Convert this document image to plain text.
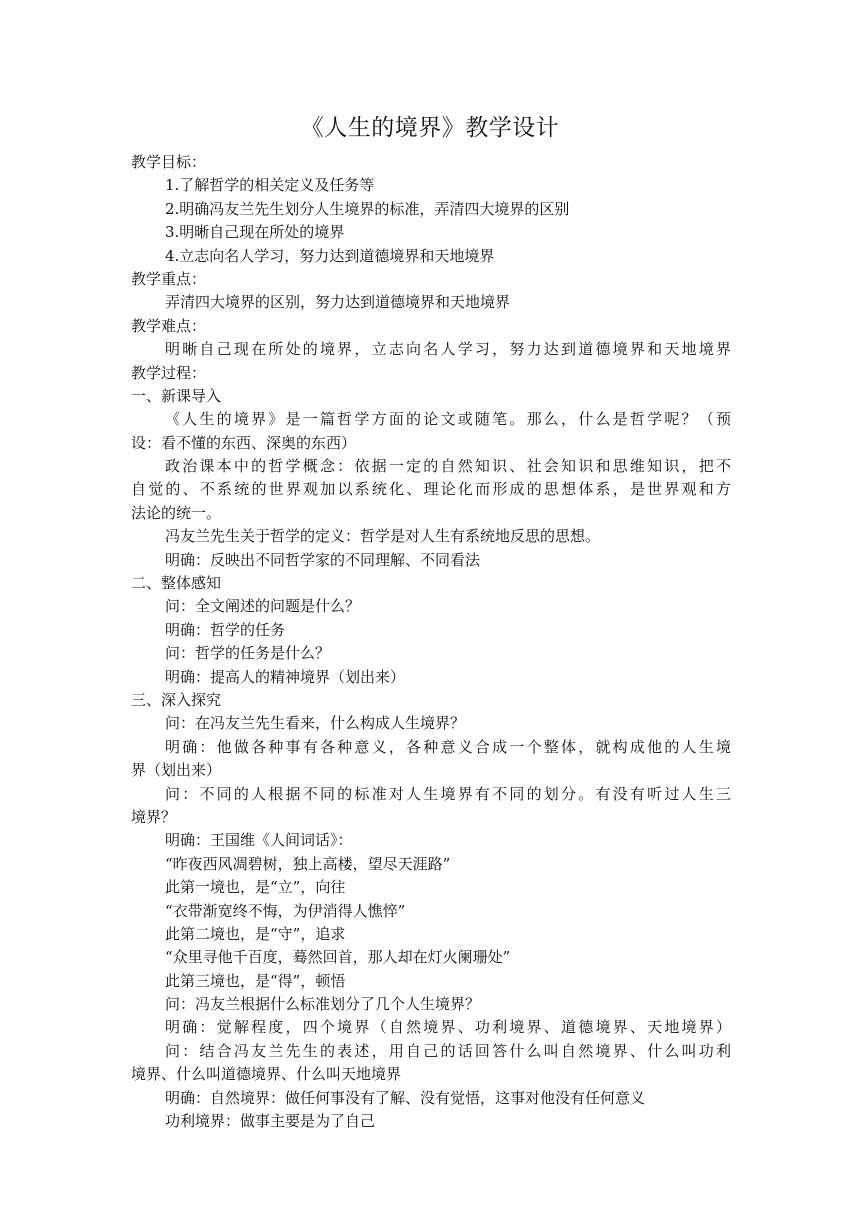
《人生的境界》教学设计
教学目标：
1.了解哲学的相关定义及任务等
2.明确冯友兰先生划分人生境界的标准，弄清四大境界的区别
3.明晰自己现在所处的境界
4.立志向名人学习，努力达到道德境界和天地境界
教学重点：
弄清四大境界的区别，努力达到道德境界和天地境界
教学难点：
明晰自己现在所处的境界，立志向名人学习，努力达到道德境界和天地境界
教学过程：
一、新课导入
《人生的境界》是一篇哲学方面的论文或随笔。那么，什么是哲学呢？（预
设：看不懂的东西、深奥的东西）
政治课本中的哲学概念：依据一定的自然知识、社会知识和思维知识，把不
自觉的、不系统的世界观加以系统化、理论化而形成的思想体系，是世界观和方
法论的统一。
冯友兰先生关于哲学的定义：哲学是对人生有系统地反思的思想。
明确：反映出不同哲学家的不同理解、不同看法
二、整体感知
问：全文阐述的问题是什么？
明确：哲学的任务
问：哲学的任务是什么？
明确：提高人的精神境界（划出来）
三、深入探究
问：在冯友兰先生看来，什么构成人生境界？
明确：他做各种事有各种意义，各种意义合成一个整体，就构成他的人生境
界（划出来）
问：不同的人根据不同的标准对人生境界有不同的划分。有没有听过人生三
境界？
明确：王国维《人间词话》：
“昨夜西风凋碧树，独上高楼，望尽天涯路”
此第一境也，是“立”，向往
“衣带渐宽终不悔，为伊消得人憔悴”
此第二境也，是“守”，追求
“众里寻他千百度，蓦然回首，那人却在灯火阑珊处”
此第三境也，是“得”，顿悟
问：冯友兰根据什么标准划分了几个人生境界？
明确：觉解程度，四个境界（自然境界、功利境界、道德境界、天地境界）
问：结合冯友兰先生的表述，用自己的话回答什么叫自然境界、什么叫功利
境界、什么叫道德境界、什么叫天地境界
明确：自然境界：做任何事没有了解、没有觉悟，这事对他没有任何意义
功利境界：做事主要是为了自己
